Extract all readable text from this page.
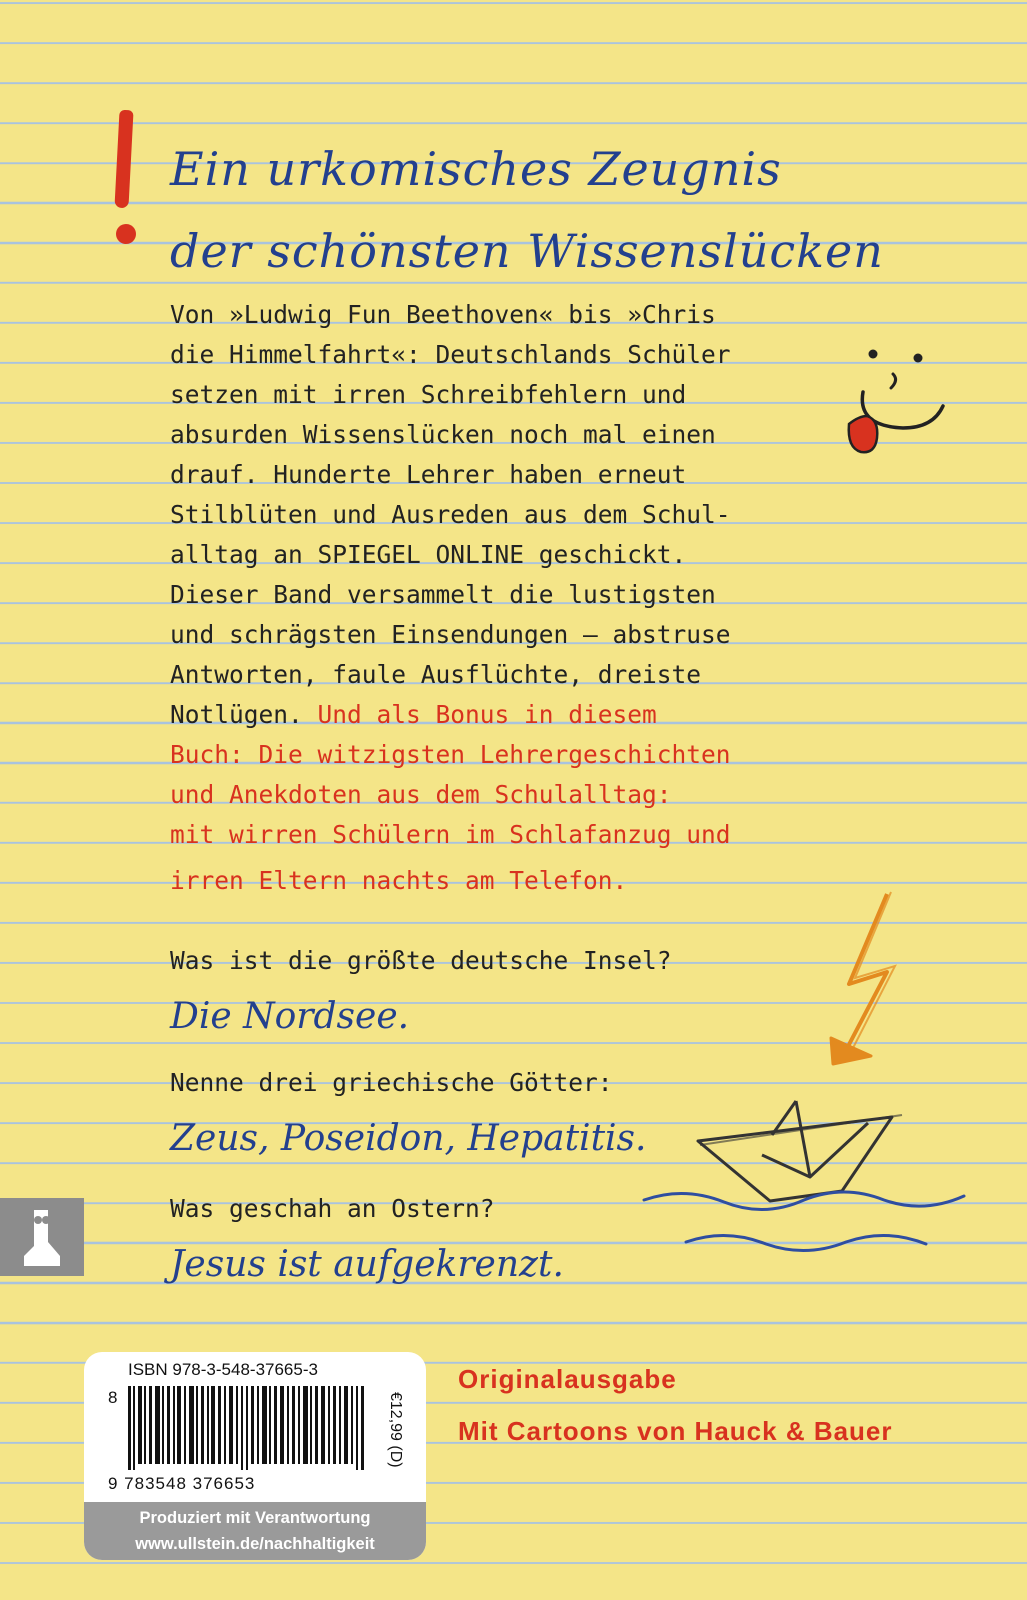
Ein urkomisches Zeugnis
der schönsten Wissenslücken
Von »Ludwig Fun Beethoven« bis »Chris
die Himmelfahrt«: Deutschlands Schüler
setzen mit irren Schreibfehlern und
absurden Wissenslücken noch mal einen
drauf. Hunderte Lehrer haben erneut
Stilblüten und Ausreden aus dem Schul-
alltag an SPIEGEL ONLINE geschickt.
Dieser Band versammelt die lustigsten
und schrägsten Einsendungen – abstruse
Antworten, faule Ausflüchte, dreiste
Notlügen. Und als Bonus in diesem
Buch: Die witzigsten Lehrergeschichten
und Anekdoten aus dem Schulalltag:
mit wirren Schülern im Schlafanzug und
irren Eltern nachts am Telefon.
Was ist die größte deutsche Insel?
Die Nordsee.
Nenne drei griechische Götter:
Zeus, Poseidon, Hepatitis.
Was geschah an Ostern?
Jesus ist aufgekrenzt.
ISBN 978-3-548-37665-3
8
9 783548 376653
€12,99 (D)
Produziert mit Verantwortung
www.ullstein.de/nachhaltigkeit
Originalausgabe
Mit Cartoons von Hauck & Bauer
